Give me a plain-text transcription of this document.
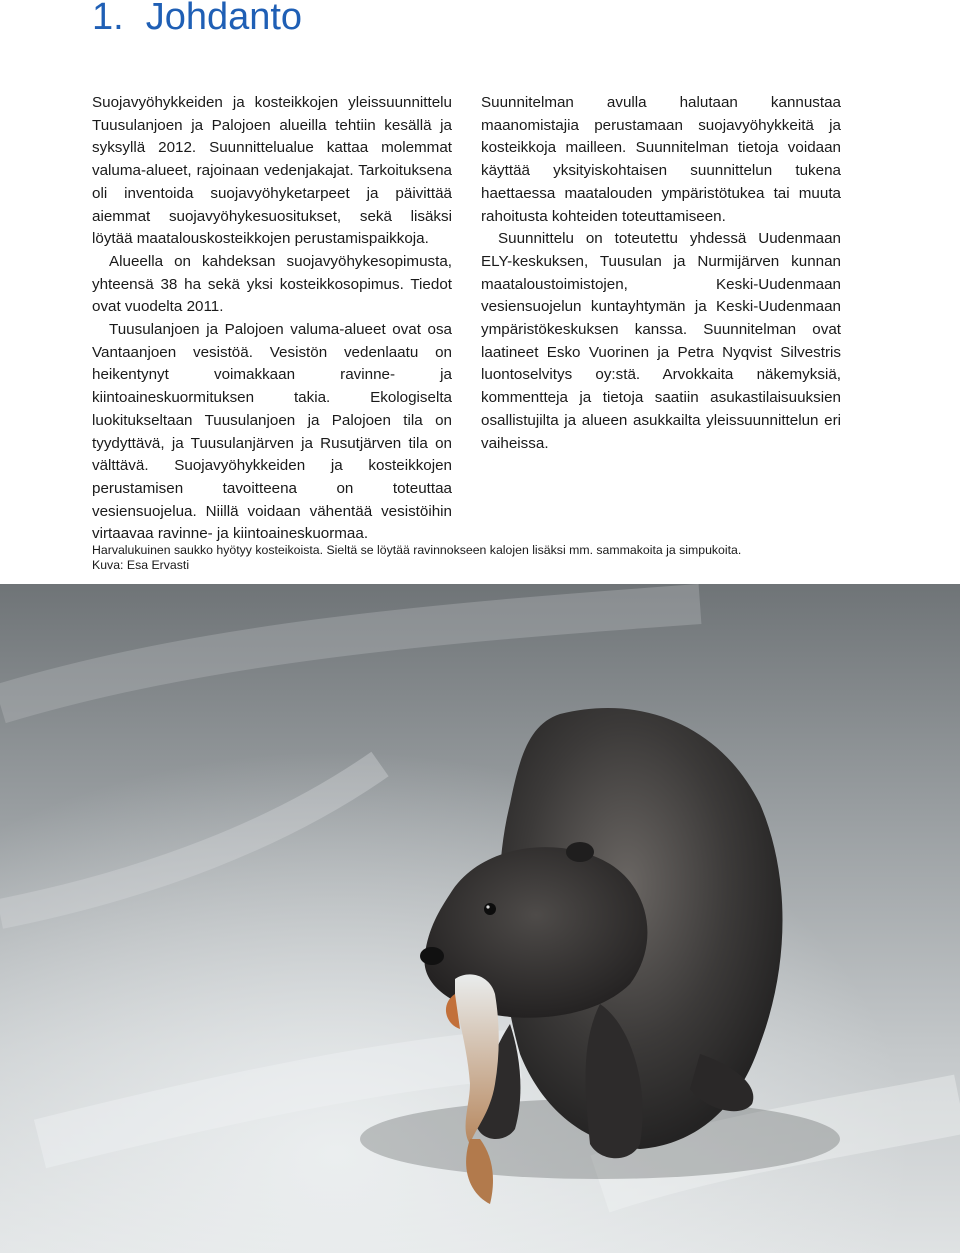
1. Johdanto

Suojavyöhykkeiden ja kosteikkojen yleissuunnittelu Tuusulanjoen ja Palojoen alueilla tehtiin kesällä ja syksyllä 2012. Suunnittelualue kattaa molemmat valuma-alueet, rajoinaan vedenjakajat. Tarkoituksena oli inventoida suojavyöhyketarpeet ja päivittää aiemmat suojavyöhykesuositukset, sekä lisäksi löytää maatalouskosteikkojen perustamispaikkoja.

Alueella on kahdeksan suojavyöhykesopimusta, yhteensä 38 ha sekä yksi kosteikkosopimus. Tiedot ovat vuodelta 2011.

Tuusulanjoen ja Palojoen valuma-alueet ovat osa Vantaanjoen vesistöä. Vesistön vedenlaatu on heikentynyt voimakkaan ravinne- ja kiintoaineskuormituksen takia. Ekologiselta luokitukseltaan Tuusulanjoen ja Palojoen tila on tyydyttävä, ja Tuusulanjärven ja Rusutjärven tila on välttävä. Suojavyöhykkeiden ja kosteikkojen perustamisen tavoitteena on toteuttaa vesiensuojelua. Niillä voidaan vähentää vesistöihin virtaavaa ravinne- ja kiintoaineskuormaa.

Suunnitelman avulla halutaan kannustaa maanomistajia perustamaan suojavyöhykkeitä ja kosteikkoja mailleen. Suunnitelman tietoja voidaan käyttää yksityiskohtaisen suunnittelun tukena haettaessa maatalouden ympäristötukea tai muuta rahoitusta kohteiden toteuttamiseen.

Suunnittelu on toteutettu yhdessä Uudenmaan ELY-keskuksen, Tuusulan ja Nurmijärven kunnan maataloustoimistojen, Keski-Uudenmaan vesiensuojelun kuntayhtymän ja Keski-Uudenmaan ympäristökeskuksen kanssa. Suunnitelman ovat laatineet Esko Vuorinen ja Petra Nyqvist Silvestris luontoselvitys oy:stä. Arvokkaita näkemyksiä, kommentteja ja tietoja saatiin asukastilaisuuksien osallistujilta ja alueen asukkailta yleissuunnittelun eri vaiheissa.

Harvalukuinen saukko hyötyy kosteikoista. Sieltä se löytää ravinnokseen kalojen lisäksi mm. sammakoita ja simpukoita.
Kuva: Esa Ervasti
